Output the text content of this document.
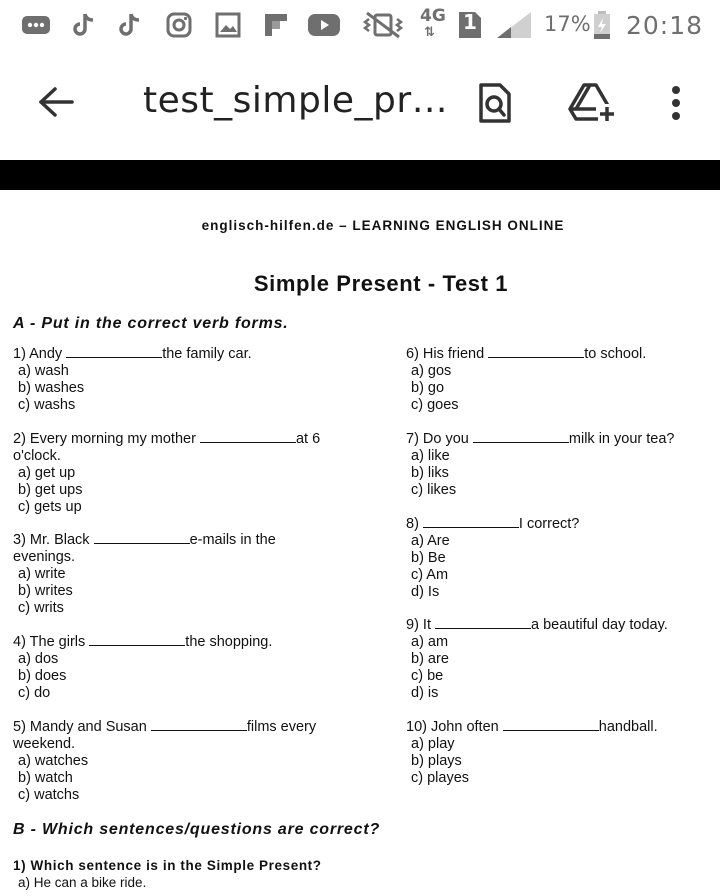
4G
⇅ 1	17% 20:18
test_simple_pr…
englisch-hilfen.de – LEARNING ENGLISH ONLINE
Simple Present - Test 1
A - Put in the correct verb forms.
1) Andy	the family car.
a) wash
b) washes
c) washs
2) Every morning my mother	at 6
o'clock.
a) get up
b) get ups
c) gets up
3) Mr. Black	e-mails in the
evenings.
a) write
b) writes
c) writs
4) The girls	the shopping.
a) dos
b) does
c) do
5) Mandy and Susan	films every
weekend.
a) watches
b) watch
c) watchs
6) His friend	to school.
a) gos
b) go
c) goes
7) Do you	milk in your tea?
a) like
b) liks
c) likes
8)	I correct?
a) Are
b) Be
c) Am
d) Is
9) It	a beautiful day today.
a) am
b) are
c) be
d) is
10) John often	handball.
a) play
b) plays
c) playes
B - Which sentences/questions are correct?
1) Which sentence is in the Simple Present?
a) He can a bike ride.
